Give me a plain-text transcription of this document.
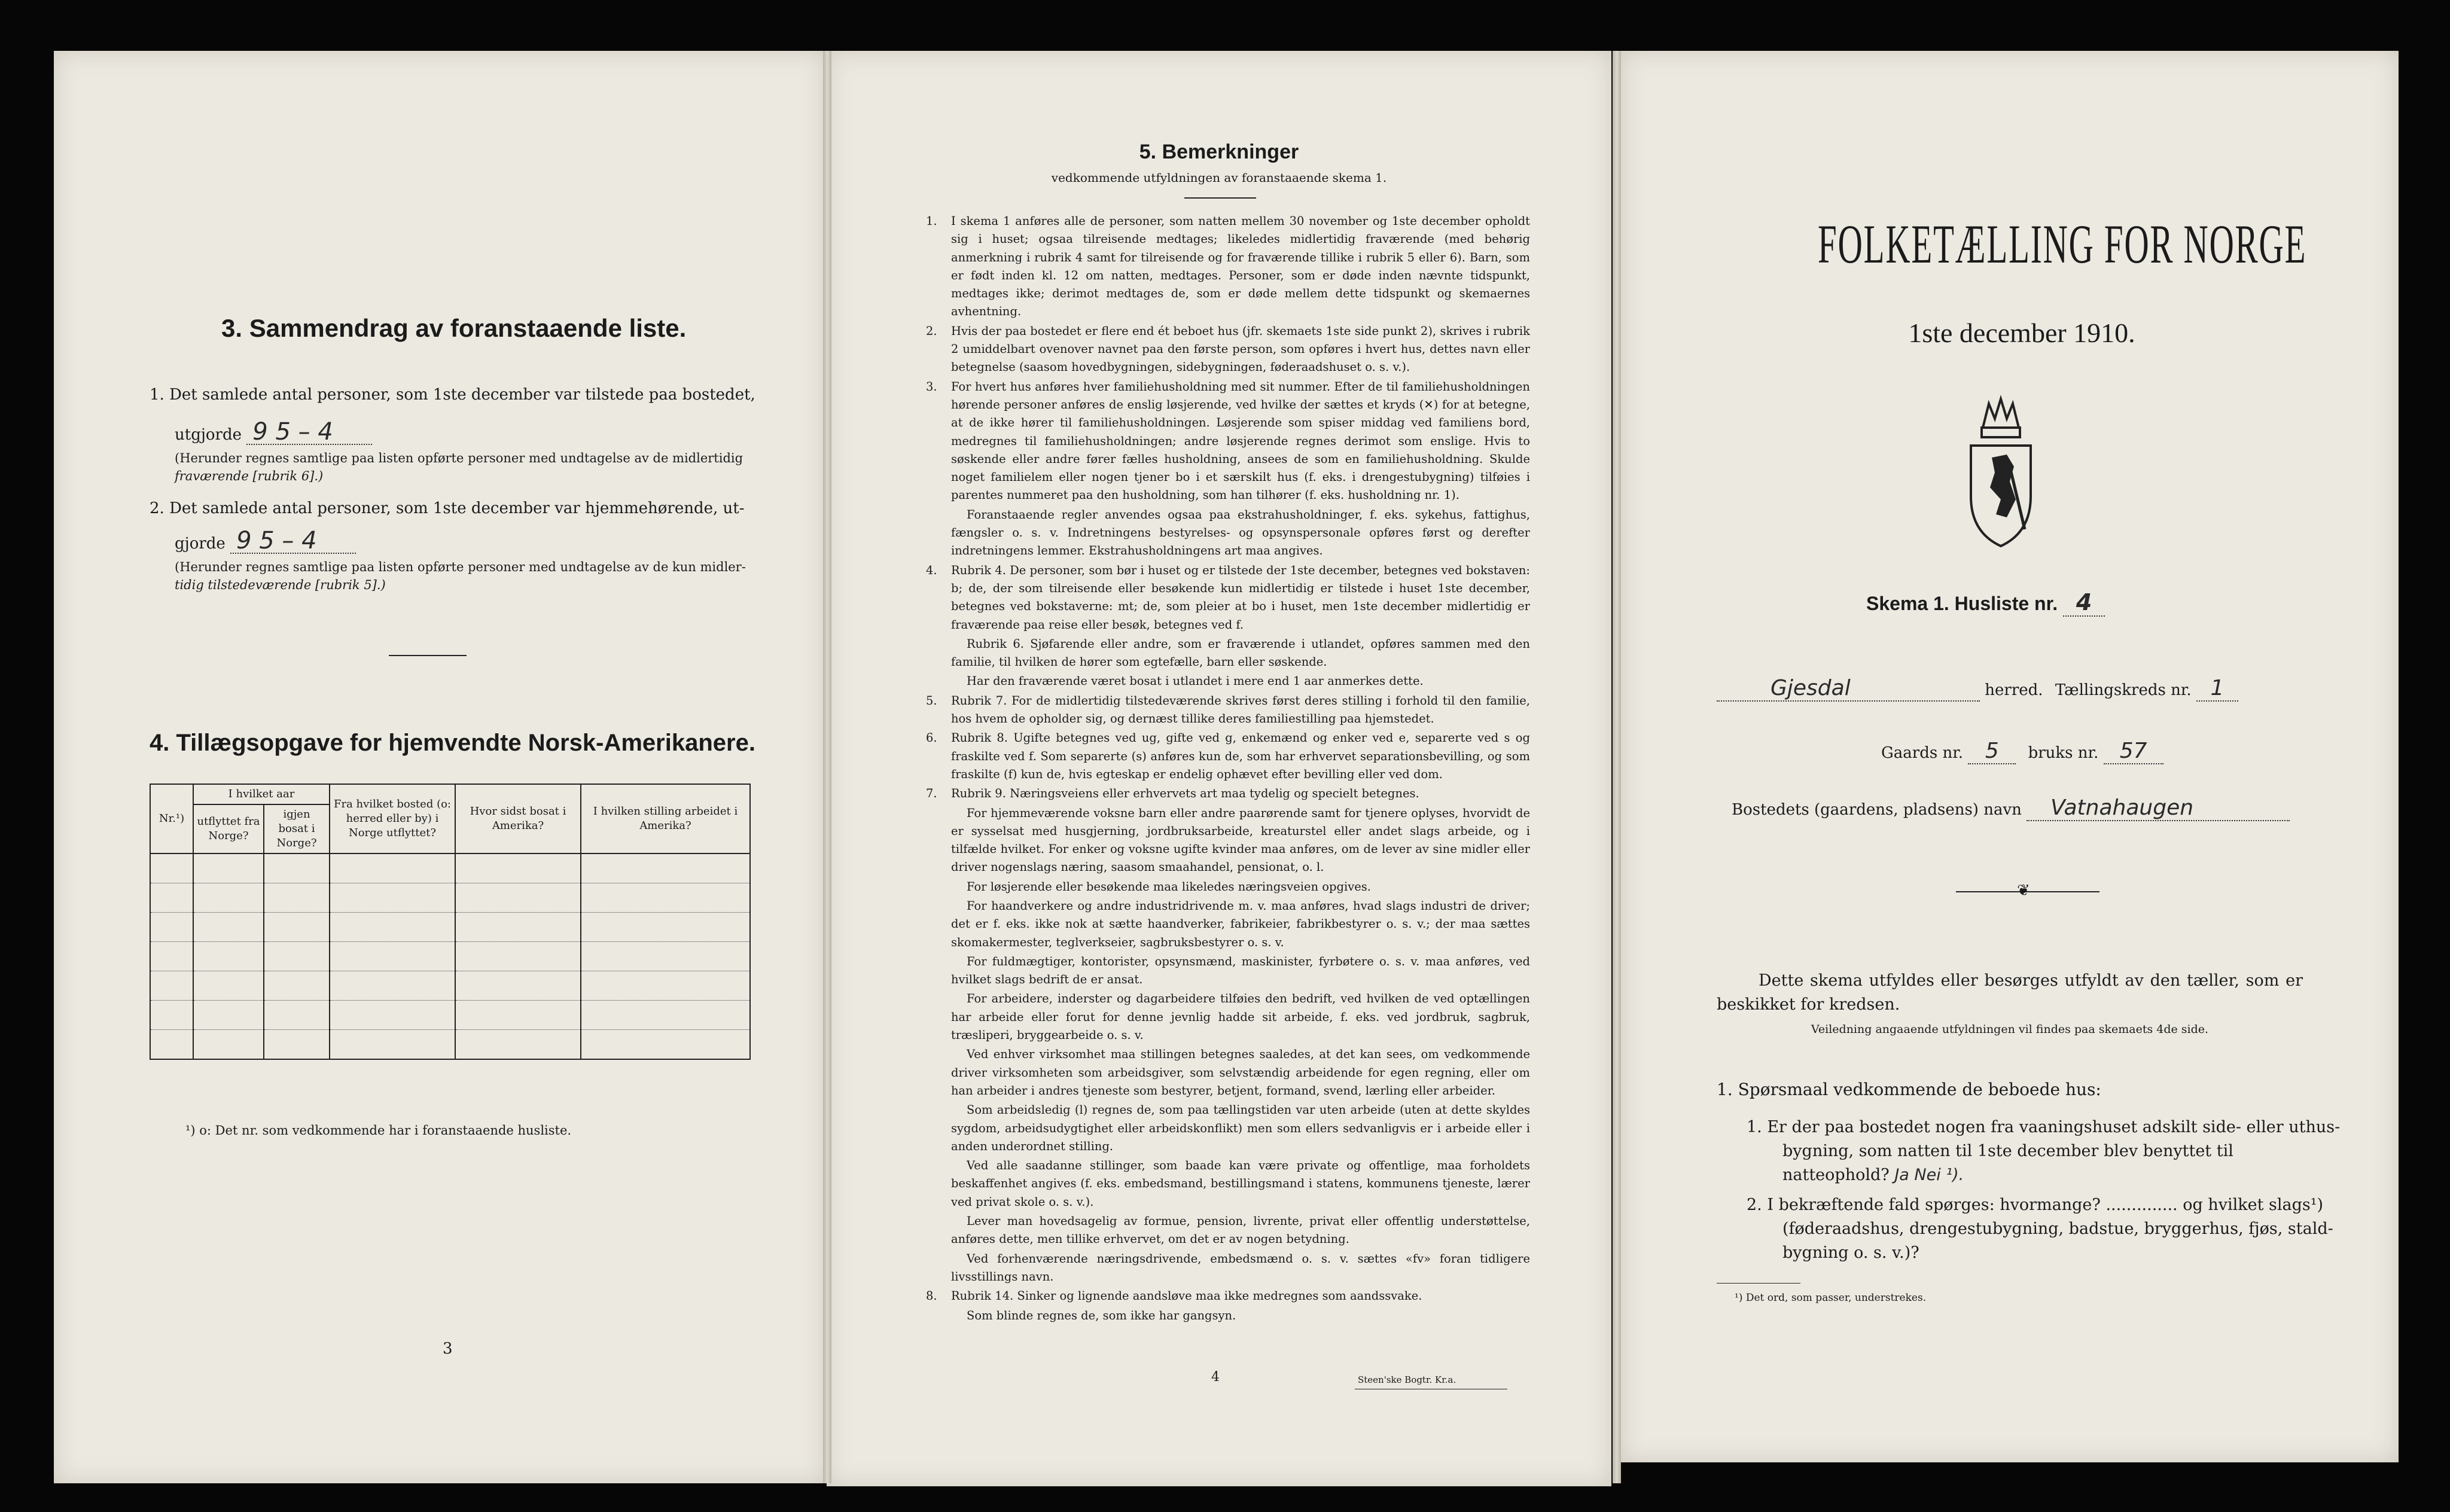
3. Sammendrag av foranstaaende liste.
1. Det samlede antal personer, som 1ste december var tilstede paa bostedet,
utgjorde 9 5 – 4
(Herunder regnes samtlige paa listen opførte personer med undtagelse av de midlertidig
fraværende [rubrik 6].)
2. Det samlede antal personer, som 1ste december var hjemmehørende, ut-
gjorde 9 5 – 4
(Herunder regnes samtlige paa listen opførte personer med undtagelse av de kun midler-
tidig tilstedeværende [rubrik 5].)
4. Tillægsopgave for hjemvendte Norsk-Amerikanere.
Nr.¹)	I hvilket aar		Fra hvilket bosted (ᴏ: herred eller by) i Norge utflyttet?	Hvor sidst bosat i Amerika?	I hvilken stilling arbeidet i Amerika?
	utflyttet fra Norge?	igjen bosat i Norge?			

¹) ᴏ: Det nr. som vedkommende har i foranstaaende husliste.
3
5. Bemerkninger
vedkommende utfyldningen av foranstaaende skema 1.
1. I skema 1 anføres alle de personer, som natten mellem 30 november og 1ste december opholdt sig i huset; ogsaa tilreisende medtages; likeledes midlertidig fraværende (med behørig anmerkning i rubrik 4 samt for tilreisende og for fraværende tillike i rubrik 5 eller 6). Barn, som er født inden kl. 12 om natten, medtages. Personer, som er døde inden nævnte tidspunkt, medtages ikke; derimot medtages de, som er døde mellem dette tidspunkt og skemaernes avhentning.
2. Hvis der paa bostedet er flere end ét beboet hus (jfr. skemaets 1ste side punkt 2), skrives i rubrik 2 umiddelbart ovenover navnet paa den første person, som opføres i hvert hus, dettes navn eller betegnelse (saasom hovedbygningen, sidebygningen, føderaadshuset o. s. v.).
3. For hvert hus anføres hver familiehusholdning med sit nummer. Efter de til familiehusholdningen hørende personer anføres de enslig løsjerende, ved hvilke der sættes et kryds (✕) for at betegne, at de ikke hører til familiehusholdningen. Løsjerende som spiser middag ved familiens bord, medregnes til familiehusholdningen; andre løsjerende regnes derimot som enslige. Hvis to søskende eller andre fører fælles husholdning, ansees de som en familiehusholdning. Skulde noget familielem eller nogen tjener bo i et særskilt hus (f. eks. i drengestubygning) tilføies i parentes nummeret paa den husholdning, som han tilhører (f. eks. husholdning nr. 1).
Foranstaaende regler anvendes ogsaa paa ekstrahusholdninger, f. eks. sykehus, fattighus, fængsler o. s. v. Indretningens bestyrelses- og opsynspersonale opføres først og derefter indretningens lemmer. Ekstrahusholdningens art maa angives.
4. Rubrik 4. De personer, som bør i huset og er tilstede der 1ste december, betegnes ved bokstaven: b; de, der som tilreisende eller besøkende kun midlertidig er tilstede i huset 1ste december, betegnes ved bokstaverne: mt; de, som pleier at bo i huset, men 1ste december midlertidig er fraværende paa reise eller besøk, betegnes ved f.
Rubrik 6. Sjøfarende eller andre, som er fraværende i utlandet, opføres sammen med den familie, til hvilken de hører som egtefælle, barn eller søskende.
Har den fraværende været bosat i utlandet i mere end 1 aar anmerkes dette.
5. Rubrik 7. For de midlertidig tilstedeværende skrives først deres stilling i forhold til den familie, hos hvem de opholder sig, og dernæst tillike deres familiestilling paa hjemstedet.
6. Rubrik 8. Ugifte betegnes ved ug, gifte ved g, enkemænd og enker ved e, separerte ved s og fraskilte ved f. Som separerte (s) anføres kun de, som har erhvervet separationsbevilling, og som fraskilte (f) kun de, hvis egteskap er endelig ophævet efter bevilling eller ved dom.
7. Rubrik 9. Næringsveiens eller erhvervets art maa tydelig og specielt betegnes.
For hjemmeværende voksne barn eller andre paarørende samt for tjenere oplyses, hvorvidt de er sysselsat med husgjerning, jordbruksarbeide, kreaturstel eller andet slags arbeide, og i tilfælde hvilket. For enker og voksne ugifte kvinder maa anføres, om de lever av sine midler eller driver nogenslags næring, saasom smaahandel, pensionat, o. l.
For løsjerende eller besøkende maa likeledes næringsveien opgives.
For haandverkere og andre industridrivende m. v. maa anføres, hvad slags industri de driver; det er f. eks. ikke nok at sætte haandverker, fabrikeier, fabrikbestyrer o. s. v.; der maa sættes skomakermester, teglverkseier, sagbruksbestyrer o. s. v.
For fuldmægtiger, kontorister, opsynsmænd, maskinister, fyrbøtere o. s. v. maa anføres, ved hvilket slags bedrift de er ansat.
For arbeidere, inderster og dagarbeidere tilføies den bedrift, ved hvilken de ved optællingen har arbeide eller forut for denne jevnlig hadde sit arbeide, f. eks. ved jordbruk, sagbruk, træsliperi, bryggearbeide o. s. v.
Ved enhver virksomhet maa stillingen betegnes saaledes, at det kan sees, om vedkommende driver virksomheten som arbeidsgiver, som selvstændig arbeidende for egen regning, eller om han arbeider i andres tjeneste som bestyrer, betjent, formand, svend, lærling eller arbeider.
Som arbeidsledig (l) regnes de, som paa tællingstiden var uten arbeide (uten at dette skyldes sygdom, arbeidsudygtighet eller arbeidskonflikt) men som ellers sedvanligvis er i arbeide eller i anden underordnet stilling.
Ved alle saadanne stillinger, som baade kan være private og offentlige, maa forholdets beskaffenhet angives (f. eks. embedsmand, bestillingsmand i statens, kommunens tjeneste, lærer ved privat skole o. s. v.).
Lever man hovedsagelig av formue, pension, livrente, privat eller offentlig understøttelse, anføres dette, men tillike erhvervet, om det er av nogen betydning.
Ved forhenværende næringsdrivende, embedsmænd o. s. v. sættes «fv» foran tidligere livsstillings navn.
8. Rubrik 14. Sinker og lignende aandsløve maa ikke medregnes som aandssvake.
Som blinde regnes de, som ikke har gangsyn.
4	Steen'ske Bogtr. Kr.a.
FOLKETÆLLING FOR NORGE
1ste december 1910.
Skema 1. Husliste nr. 4
Gjesdal	herred. Tællingskreds nr. 1
Gaards nr. 5 bruks nr. 57
Bostedets (gaardens, pladsens) navn Vatnahaugen
❦
Dette skema utfyldes eller besørges utfyldt av den tæller, som er beskikket for kredsen.
Veiledning angaaende utfyldningen vil findes paa skemaets 4de side.
1. Spørsmaal vedkommende de beboede hus:
1. Er der paa bostedet nogen fra vaaningshuset adskilt side- eller uthus-bygning, som natten til 1ste december blev benyttet til natteophold? Ja Nei ¹).
2. I bekræftende fald spørges: hvormange? .............. og hvilket slags¹) (føderaadshus, drengestubygning, badstue, bryggerhus, fjøs, stald-bygning o. s. v.)?
¹) Det ord, som passer, understrekes.
